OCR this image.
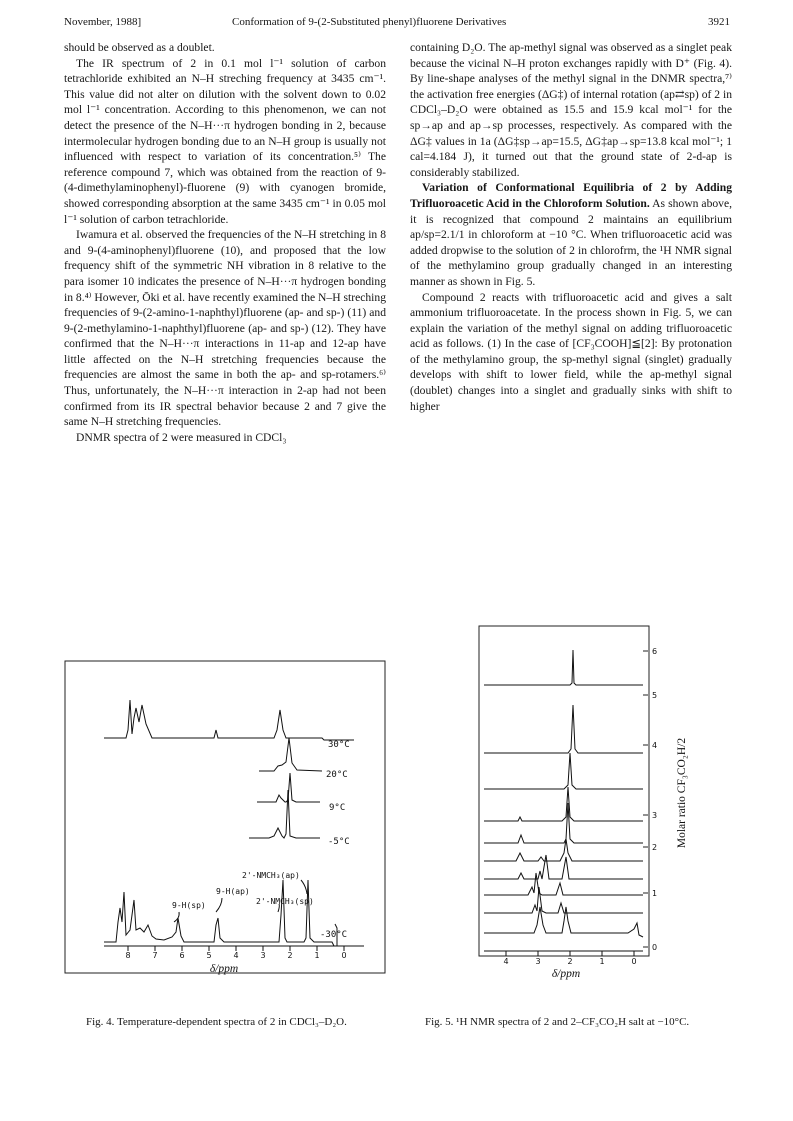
November, 1988]	Conformation of 9-(2-Substituted phenyl)fluorene Derivatives	3921

should be observed as a doublet.

The IR spectrum of 2 in 0.1 mol l⁻¹ solution of carbon tetrachloride exhibited an N–H streching frequency at 3435 cm⁻¹. This value did not alter on dilution with the solvent down to 0.02 mol l⁻¹ concentration. According to this phenomenon, we can not detect the presence of the N–H···π hydrogen bonding in 2, because intermolecular hydrogen bonding due to an N–H group is usually not influenced with respect to variation of its concentration.⁵⁾ The reference compound 7, which was obtained from the reaction of 9-(4-dimethylaminophenyl)-fluorene (9) with cyanogen bromide, showed corresponding absorption at the same 3435 cm⁻¹ in 0.05 mol l⁻¹ solution of carbon tetrachloride.

Iwamura et al. observed the frequencies of the N–H stretching in 8 and 9-(4-aminophenyl)fluorene (10), and proposed that the low frequency shift of the symmetric NH vibration in 8 relative to the para isomer 10 indicates the presence of N–H···π hydrogen bonding in 8.⁴⁾ However, Ōki et al. have recently examined the N–H streching frequencies of 9-(2-amino-1-naphthyl)fluorene (ap- and sp-) (11) and 9-(2-methylamino-1-naphthyl)fluorene (ap- and sp-) (12). They have confirmed that the N–H···π interactions in 11-ap and 12-ap have little affected on the N–H stretching frequencies because the frequencies are almost the same in both the ap- and sp-rotamers.⁶⁾ Thus, unfortunately, the N–H···π interaction in 2-ap had not been confirmed from its IR spectral behavior because 2 and 7 give the same N–H stretching frequencies.

DNMR spectra of 2 were measured in CDCl₃

containing D₂O. The ap-methyl signal was observed as a singlet peak because the vicinal N–H proton exchanges rapidly with D⁺ (Fig. 4). By line-shape analyses of the methyl signal in the DNMR spectra,⁷⁾ the activation free energies (ΔG‡) of internal rotation (ap⇄sp) of 2 in CDCl₃–D₂O were obtained as 15.5 and 15.9 kcal mol⁻¹ for the sp→ap and ap→sp processes, respectively. As compared with the ΔG‡ values in 1a (ΔG‡sp→ap=15.5, ΔG‡ap→sp=13.8 kcal mol⁻¹; 1 cal=4.184 J), it turned out that the ground state of 2-d-ap is considerably stabilized.

Variation of Conformational Equilibria of 2 by Adding Trifluoroacetic Acid in the Chloroform Solution. As shown above, it is recognized that compound 2 maintains an equilibrium ap/sp=2.1/1 in chloroform at −10 °C. When trifluoroacetic acid was added dropwise to the solution of 2 in chlorofrm, the ¹H NMR signal of the methylamino group gradually changed in an interesting manner as shown in Fig. 5.

Compound 2 reacts with trifluoroacetic acid and gives a salt ammonium trifluoroacetate. In the process shown in Fig. 5, we can explain the variation of the methyl signal on adding trifluoroacetic acid as follows. (1) In the case of [CF₃COOH]≦[2]: By protonation of the methylamino group, the sp-methyl signal (singlet) gradually develops with shift to lower field, while the ap-methyl signal (doublet) changes into a singlet and gradually sinks with shift to higher

30°C
20°C
9°C
-5°C
-30°C
2'-NMCH₃(ap)
2'-NMCH₃(sp)
9-H(ap)
9-H(sp)
8	7	6	5	4	3	2	1	0
δ/ppm
Fig. 4. Temperature-dependent spectra of 2 in CDCl₃–D₂O.
6
5
4
3
2
1
0
Molar ratio CF₃CO₂H/2
4	3	2	1	0
δ/ppm
Fig. 5. ¹H NMR spectra of 2 and 2–CF₃CO₂H salt at −10°C.
